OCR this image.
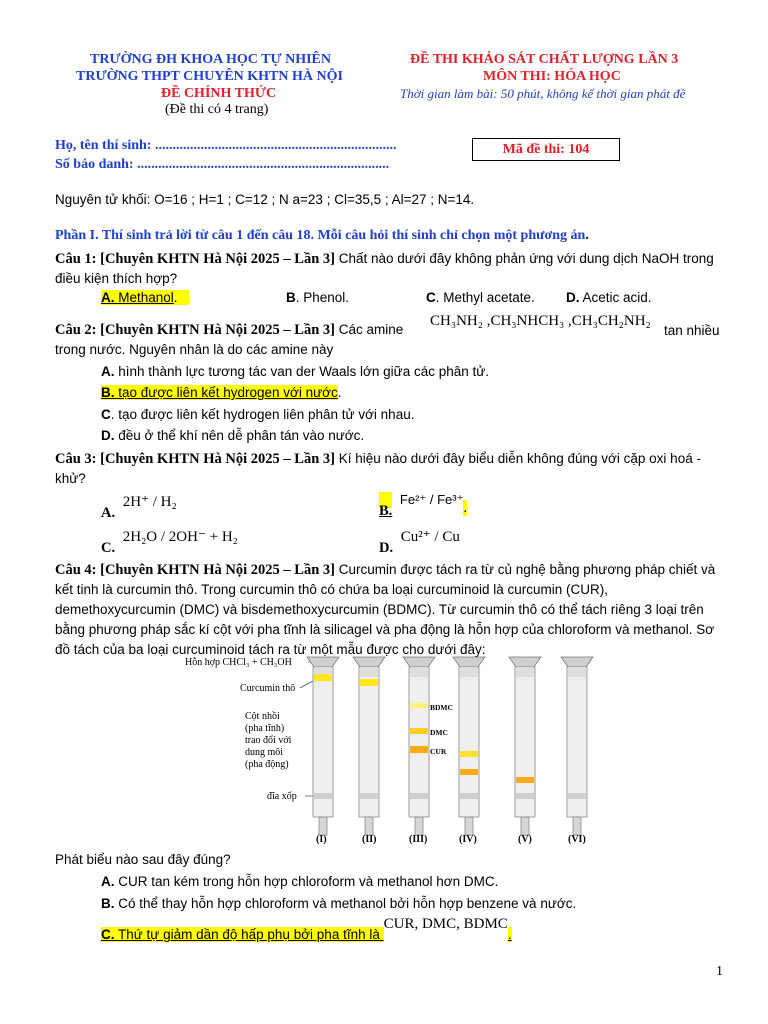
TRƯỜNG ĐH KHOA HỌC TỰ NHIÊN
TRƯỜNG THPT CHUYÊN KHTN HÀ NỘI
ĐỀ CHÍNH THỨC
(Đề thi có 4 trang)
ĐỀ THI KHẢO SÁT CHẤT LƯỢNG LẦN 3
MÔN THI: HÓA HỌC
Thời gian làm bài: 50 phút, không kể thời gian phát đề
Họ, tên thí sinh: .....................................................................
Số báo danh: ........................................................................
Mã đề thi: 104
Nguyên tử khối: O=16 ; H=1 ; C=12 ; N a=23 ; Cl=35,5 ; Al=27 ; N=14.
Phần I. Thí sinh trả lời từ câu 1 đến câu 18. Mỗi câu hỏi thí sinh chỉ chọn một phương án.
Câu 1: [Chuyên KHTN Hà Nội 2025 – Lần 3] Chất nào dưới đây không phản ứng với dung dịch NaOH trong điều kiện thích hợp?
A. Methanol.	B. Phenol.	C. Methyl acetate. D. Acetic acid.
Câu 2: [Chuyên KHTN Hà Nội 2025 – Lần 3] Các amine
CH₃NH₂ ,CH₃NHCH₃ ,CH₃CH₂NH₂
tan nhiều
trong nước. Nguyên nhân là do các amine này
A. hình thành lực tương tác van der Waals lớn giữa các phân tử.
B. tạo được liên kết hydrogen với nước.
C. tạo được liên kết hydrogen liên phân tử với nhau.
D. đều ở thể khí nên dễ phân tán vào nước.
Câu 3: [Chuyên KHTN Hà Nội 2025 – Lần 3] Kí hiệu nào dưới đây biểu diễn không đúng với cặp oxi hoá - khử?
A. 2H⁺ / H₂
B. Fe²⁺ / Fe³⁺.
C. 2H₂O / 2OH⁻ + H₂
D. Cu²⁺ / Cu
Câu 4: [Chuyên KHTN Hà Nội 2025 – Lần 3] Curcumin được tách ra từ củ nghệ bằng phương pháp chiết và kết tinh là curcumin thô. Trong curcumin thô có chứa ba loại curcuminoid là curcumin (CUR), demethoxycurcumin (DMC) và bisdemethoxycurcumin (BDMC). Từ curcumin thô có thể tách riêng 3 loại trên bằng phương pháp sắc kí cột với pha tĩnh là silicagel và pha động là hỗn hợp của chloroform và methanol. Sơ đồ tách của ba loại curcuminoid tách ra từ một mẫu được cho dưới đây:
Hỗn hợp CHCl₃ + CH₃OH
Curcumin thô
Cột nhồi
(pha tĩnh)
trao đổi với
dung môi
(pha động)
đĩa xốp
BDMC
DMC
CUR
(I)	(II)	(III)	(IV)	(V)	(VI)
Phát biểu nào sau đây đúng?
A. CUR tan kém trong hỗn hợp chloroform và methanol hơn DMC.
B. Có thể thay hỗn hợp chloroform và methanol bởi hỗn hợp benzene và nước.
C. Thứ tự giảm dần độ hấp phụ bởi pha tĩnh là CUR, DMC, BDMC.
1
